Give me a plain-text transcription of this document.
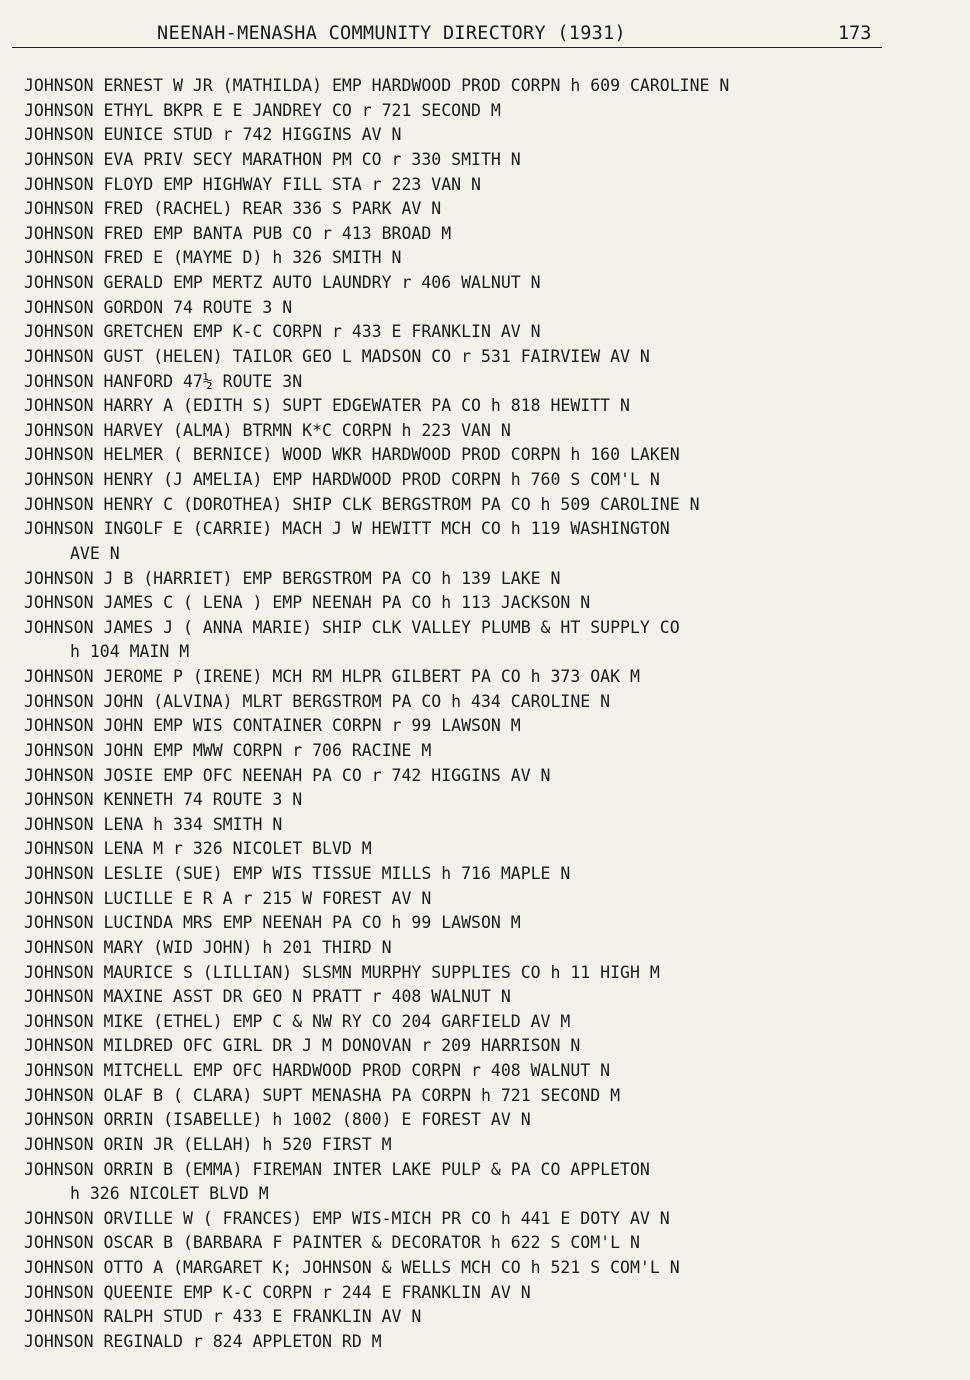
NEENAH-MENASHA COMMUNITY DIRECTORY (1931)	173
JOHNSON ERNEST W JR (MATHILDA) EMP HARDWOOD PROD CORPN h 609 CAROLINE N
JOHNSON ETHYL BKPR E E JANDREY CO r 721 SECOND M
JOHNSON EUNICE STUD r 742 HIGGINS AV N
JOHNSON EVA PRIV SECY MARATHON PM CO r 330 SMITH N
JOHNSON FLOYD EMP HIGHWAY FILL STA r 223 VAN N
JOHNSON FRED (RACHEL) REAR 336 S PARK AV N
JOHNSON FRED EMP BANTA PUB CO r 413 BROAD M
JOHNSON FRED E (MAYME D) h 326 SMITH N
JOHNSON GERALD EMP MERTZ AUTO LAUNDRY r 406 WALNUT N
JOHNSON GORDON 74 ROUTE 3 N
JOHNSON GRETCHEN EMP K-C CORPN r 433 E FRANKLIN AV N
JOHNSON GUST (HELEN) TAILOR GEO L MADSON CO r 531 FAIRVIEW AV N
JOHNSON HANFORD 47½ ROUTE 3N
JOHNSON HARRY A (EDITH S) SUPT EDGEWATER PA CO h 818 HEWITT N
JOHNSON HARVEY (ALMA) BTRMN K*C CORPN h 223 VAN N
JOHNSON HELMER ( BERNICE) WOOD WKR HARDWOOD PROD CORPN h 160 LAKEN
JOHNSON HENRY (J AMELIA) EMP HARDWOOD PROD CORPN h 760 S COM'L N
JOHNSON HENRY C (DOROTHEA) SHIP CLK BERGSTROM PA CO h 509 CAROLINE N
JOHNSON INGOLF E (CARRIE) MACH J W HEWITT MCH CO h 119 WASHINGTON
AVE N
JOHNSON J B (HARRIET) EMP BERGSTROM PA CO h 139 LAKE N
JOHNSON JAMES C ( LENA ) EMP NEENAH PA CO h 113 JACKSON N
JOHNSON JAMES J ( ANNA MARIE) SHIP CLK VALLEY PLUMB & HT SUPPLY CO
h 104 MAIN M
JOHNSON JEROME P (IRENE) MCH RM HLPR GILBERT PA CO h 373 OAK M
JOHNSON JOHN (ALVINA) MLRT BERGSTROM PA CO h 434 CAROLINE N
JOHNSON JOHN EMP WIS CONTAINER CORPN r 99 LAWSON M
JOHNSON JOHN EMP MWW CORPN r 706 RACINE M
JOHNSON JOSIE EMP OFC NEENAH PA CO r 742 HIGGINS AV N
JOHNSON KENNETH 74 ROUTE 3 N
JOHNSON LENA h 334 SMITH N
JOHNSON LENA M r 326 NICOLET BLVD M
JOHNSON LESLIE (SUE) EMP WIS TISSUE MILLS h 716 MAPLE N
JOHNSON LUCILLE E R A r 215 W FOREST AV N
JOHNSON LUCINDA MRS EMP NEENAH PA CO h 99 LAWSON M
JOHNSON MARY (WID JOHN) h 201 THIRD N
JOHNSON MAURICE S (LILLIAN) SLSMN MURPHY SUPPLIES CO h 11 HIGH M
JOHNSON MAXINE ASST DR GEO N PRATT r 408 WALNUT N
JOHNSON MIKE (ETHEL) EMP C & NW RY CO 204 GARFIELD AV M
JOHNSON MILDRED OFC GIRL DR J M DONOVAN r 209 HARRISON N
JOHNSON MITCHELL EMP OFC HARDWOOD PROD CORPN r 408 WALNUT N
JOHNSON OLAF B ( CLARA) SUPT MENASHA PA CORPN h 721 SECOND M
JOHNSON ORRIN (ISABELLE) h 1002 (800) E FOREST AV N
JOHNSON ORIN JR (ELLAH) h 520 FIRST M
JOHNSON ORRIN B (EMMA) FIREMAN INTER LAKE PULP & PA CO APPLETON
h 326 NICOLET BLVD M
JOHNSON ORVILLE W ( FRANCES) EMP WIS-MICH PR CO h 441 E DOTY AV N
JOHNSON OSCAR B (BARBARA F PAINTER & DECORATOR h 622 S COM'L N
JOHNSON OTTO A (MARGARET K; JOHNSON & WELLS MCH CO h 521 S COM'L N
JOHNSON QUEENIE EMP K-C CORPN r 244 E FRANKLIN AV N
JOHNSON RALPH STUD r 433 E FRANKLIN AV N
JOHNSON REGINALD r 824 APPLETON RD M
